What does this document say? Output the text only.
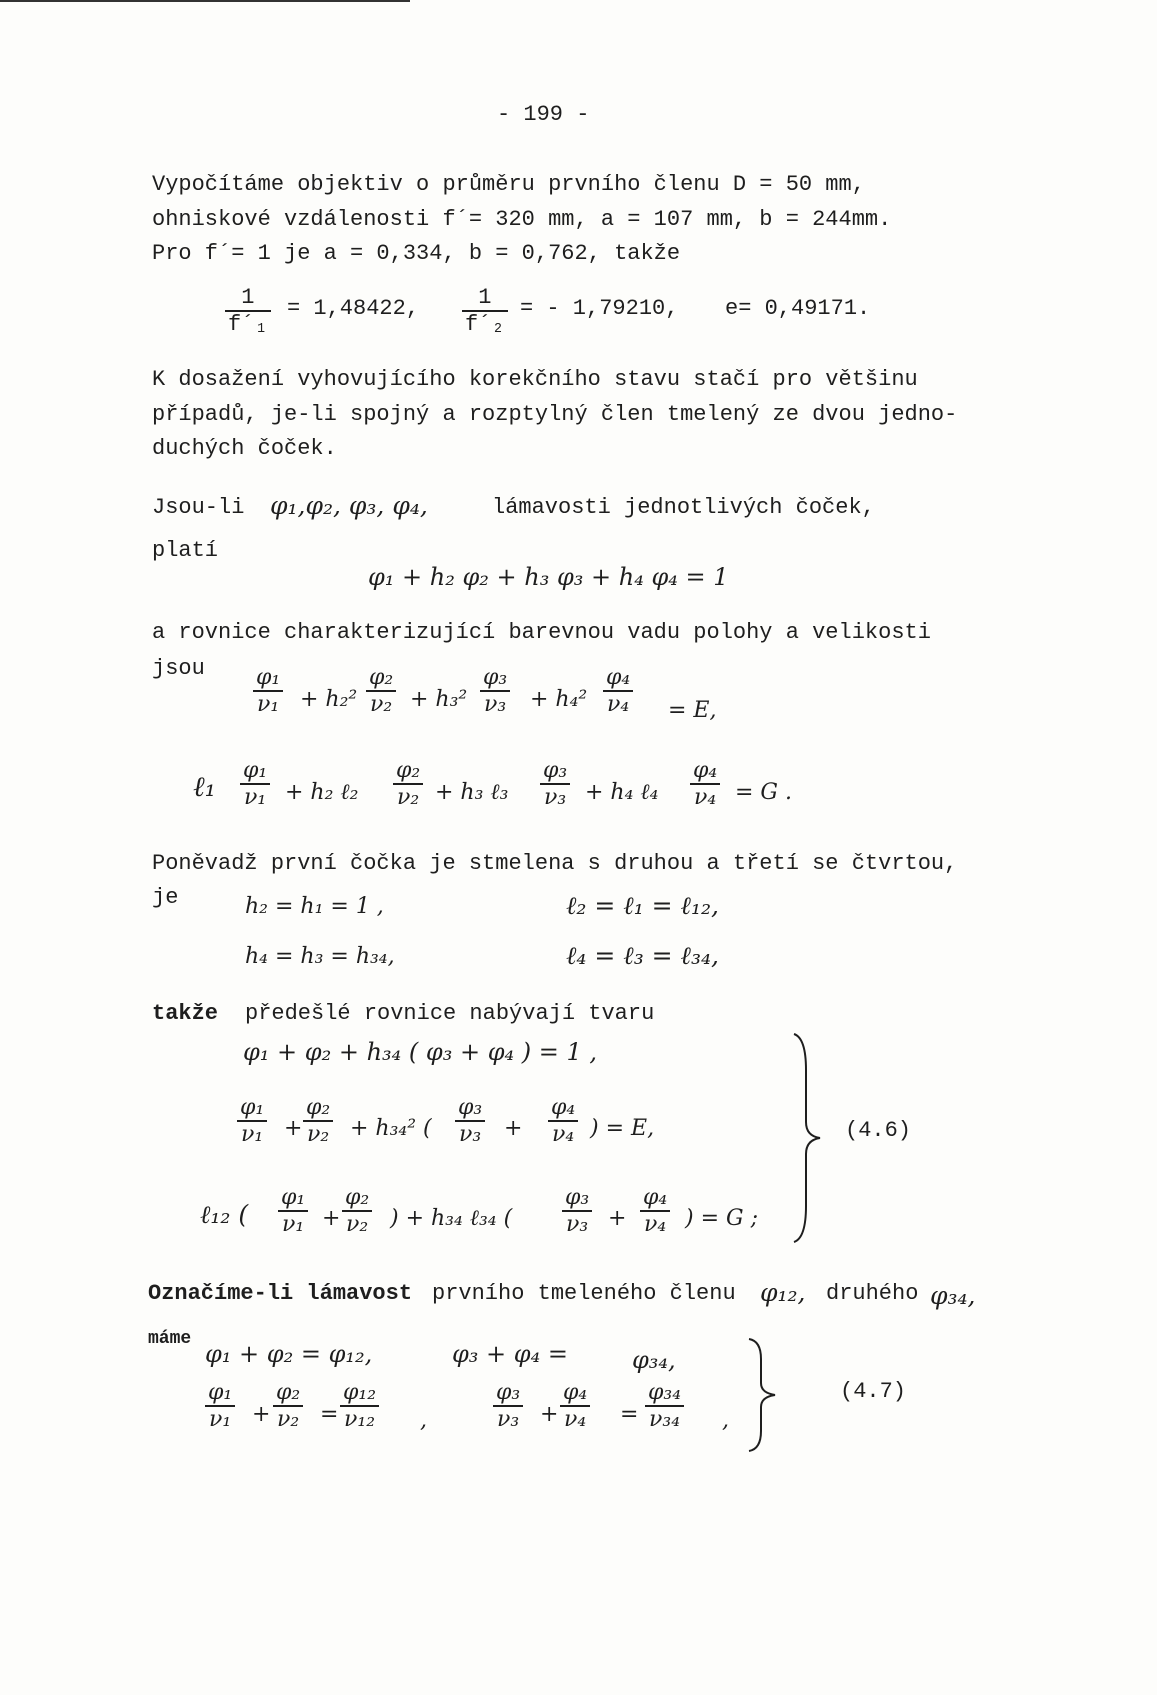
- 199 -
Vypočítáme objektiv o průměru prvního členu D = 50 mm,
ohniskové vzdálenosti f´= 320 mm, a = 107 mm, b = 244mm.
Pro f´= 1 je a = 0,334, b = 0,762, takže
1
f´₁
= 1,48422,	1
f´₂
= - 1,79210, e= 0,49171.
K dosažení vyhovujícího korekčního stavu stačí pro většinu
případů, je-li spojný a rozptylný člen tmelený ze dvou jedno-
duchých čoček.
Jsou-li φ₁,φ₂, φ₃, φ₄,	lámavosti jednotlivých čoček,
platí
φ₁ + h₂ φ₂ + h₃ φ₃ + h₄ φ₄ = 1
a rovnice charakterizující barevnou vadu polohy a velikosti
jsou φ₁
ν₁ + h₂²
φ₂
ν₂ + h₃²
φ₃
ν₃ + h₄²
φ₄
ν₄ = E,
ℓ₁ φ₁
ν₁ + h₂ ℓ₂
φ₂
ν₂ + h₃ ℓ₃
φ₃
ν₃ + h₄ ℓ₄
φ₄
ν₄ = G .
Poněvadž první čočka je stmelena s druhou a třetí se čtvrtou,
je	h₂ = h₁ = 1 ,	ℓ₂ = ℓ₁ = ℓ₁₂,
h₄ = h₃ = h₃₄,	ℓ₄ = ℓ₃ = ℓ₃₄,
takže předešlé rovnice nabývají tvaru
φ₁ + φ₂ + h₃₄ ( φ₃ + φ₄ ) = 1 ,
φ₁
ν₁ +
φ₂
ν₂ + h₃₄² (
φ₃
ν₃ +
φ₄
ν₄ ) = E,
ℓ₁₂ (
φ₁
ν₁ +
φ₂
ν₂ ) + h₃₄ ℓ₃₄ (
φ₃
ν₃ +
φ₄
ν₄ ) = G ;
(4.6)
Označíme-li lámavost prvního tmeleného členu φ₁₂, druhého φ₃₄,
máme
φ₁ + φ₂ = φ₁₂,	φ₃ + φ₄ =	φ₃₄,
φ₁
ν₁ +
φ₂
ν₂ =
φ₁₂
ν₁₂ ,
φ₃
ν₃ +
φ₄
ν₄ =
φ₃₄
ν₃₄ ,
(4.7)
